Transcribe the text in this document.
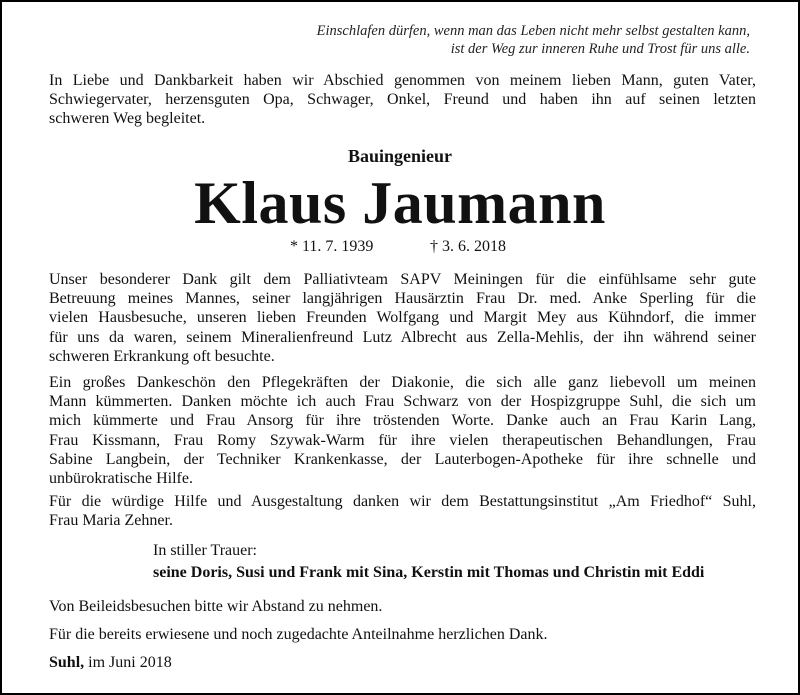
Einschlafen dürfen, wenn man das Leben nicht mehr selbst gestalten kann,
ist der Weg zur inneren Ruhe und Trost für uns alle.

In Liebe und Dankbarkeit haben wir Abschied genommen von meinem lieben Mann, guten Vater,
Schwiegervater, herzensguten Opa, Schwager, Onkel, Freund und haben ihn auf seinen letzten
schweren Weg begleitet.

Bauingenieur
Klaus Jaumann
* 11. 7. 1939	† 3. 6. 2018

Unser besonderer Dank gilt dem Palliativteam SAPV Meiningen für die einfühlsame sehr gute
Betreuung meines Mannes, seiner langjährigen Hausärztin Frau Dr. med. Anke Sperling für die
vielen Hausbesuche, unseren lieben Freunden Wolfgang und Margit Mey aus Kühndorf, die immer
für uns da waren, seinem Mineralienfreund Lutz Albrecht aus Zella-Mehlis, der ihn während seiner
schweren Erkrankung oft besuchte.

Ein großes Dankeschön den Pflegekräften der Diakonie, die sich alle ganz liebevoll um meinen
Mann kümmerten. Danken möchte ich auch Frau Schwarz von der Hospizgruppe Suhl, die sich um
mich kümmerte und Frau Ansorg für ihre tröstenden Worte. Danke auch an Frau Karin Lang,
Frau Kissmann, Frau Romy Szywak-Warm für ihre vielen therapeutischen Behandlungen, Frau
Sabine Langbein, der Techniker Krankenkasse, der Lauterbogen-Apotheke für ihre schnelle und
unbürokratische Hilfe.

Für die würdige Hilfe und Ausgestaltung danken wir dem Bestattungsinstitut „Am Friedhof“ Suhl,
Frau Maria Zehner.

In stiller Trauer:
seine Doris, Susi und Frank mit Sina, Kerstin mit Thomas und Christin mit Eddi
Von Beileidsbesuchen bitte wir Abstand zu nehmen.
Für die bereits erwiesene und noch zugedachte Anteilnahme herzlichen Dank.
Suhl, im Juni 2018
